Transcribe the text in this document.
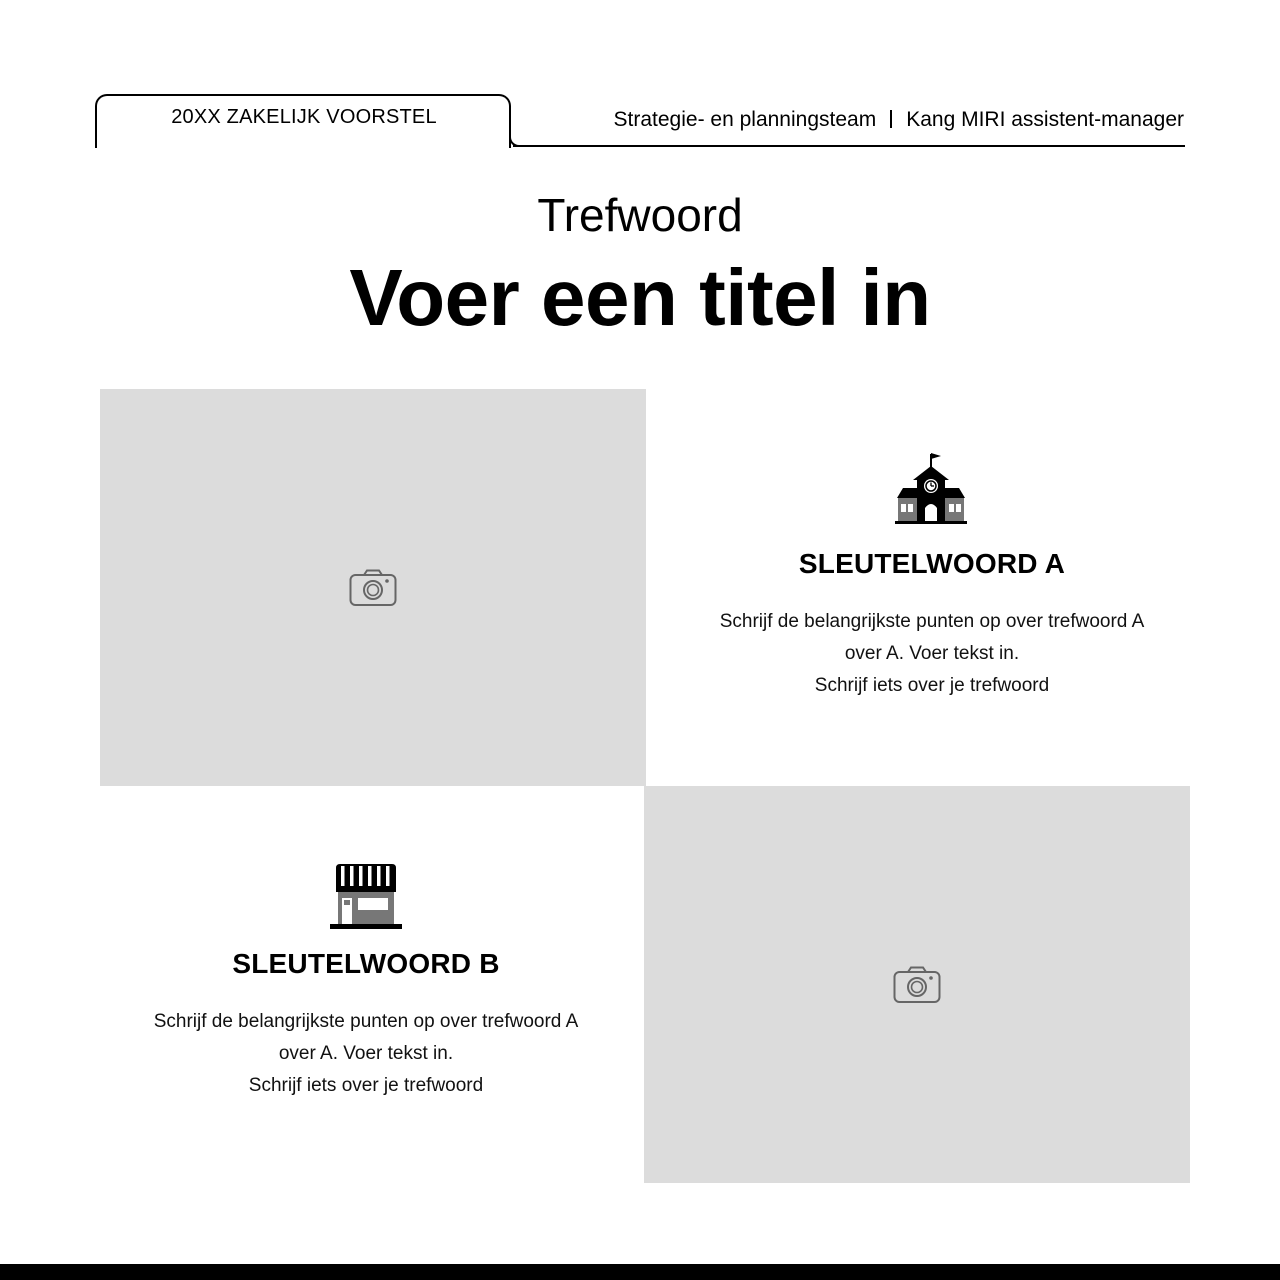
20XX ZAKELIJK VOORSTEL	Strategie- en planningsteam Kang MIRI assistent-manager
Trefwoord
Voer een titel in
SLEUTELWOORD A

Schrijf de belangrijkste punten op over trefwoord A
over A. Voer tekst in.
Schrijf iets over je trefwoord

SLEUTELWOORD B

Schrijf de belangrijkste punten op over trefwoord A
over A. Voer tekst in.
Schrijf iets over je trefwoord
